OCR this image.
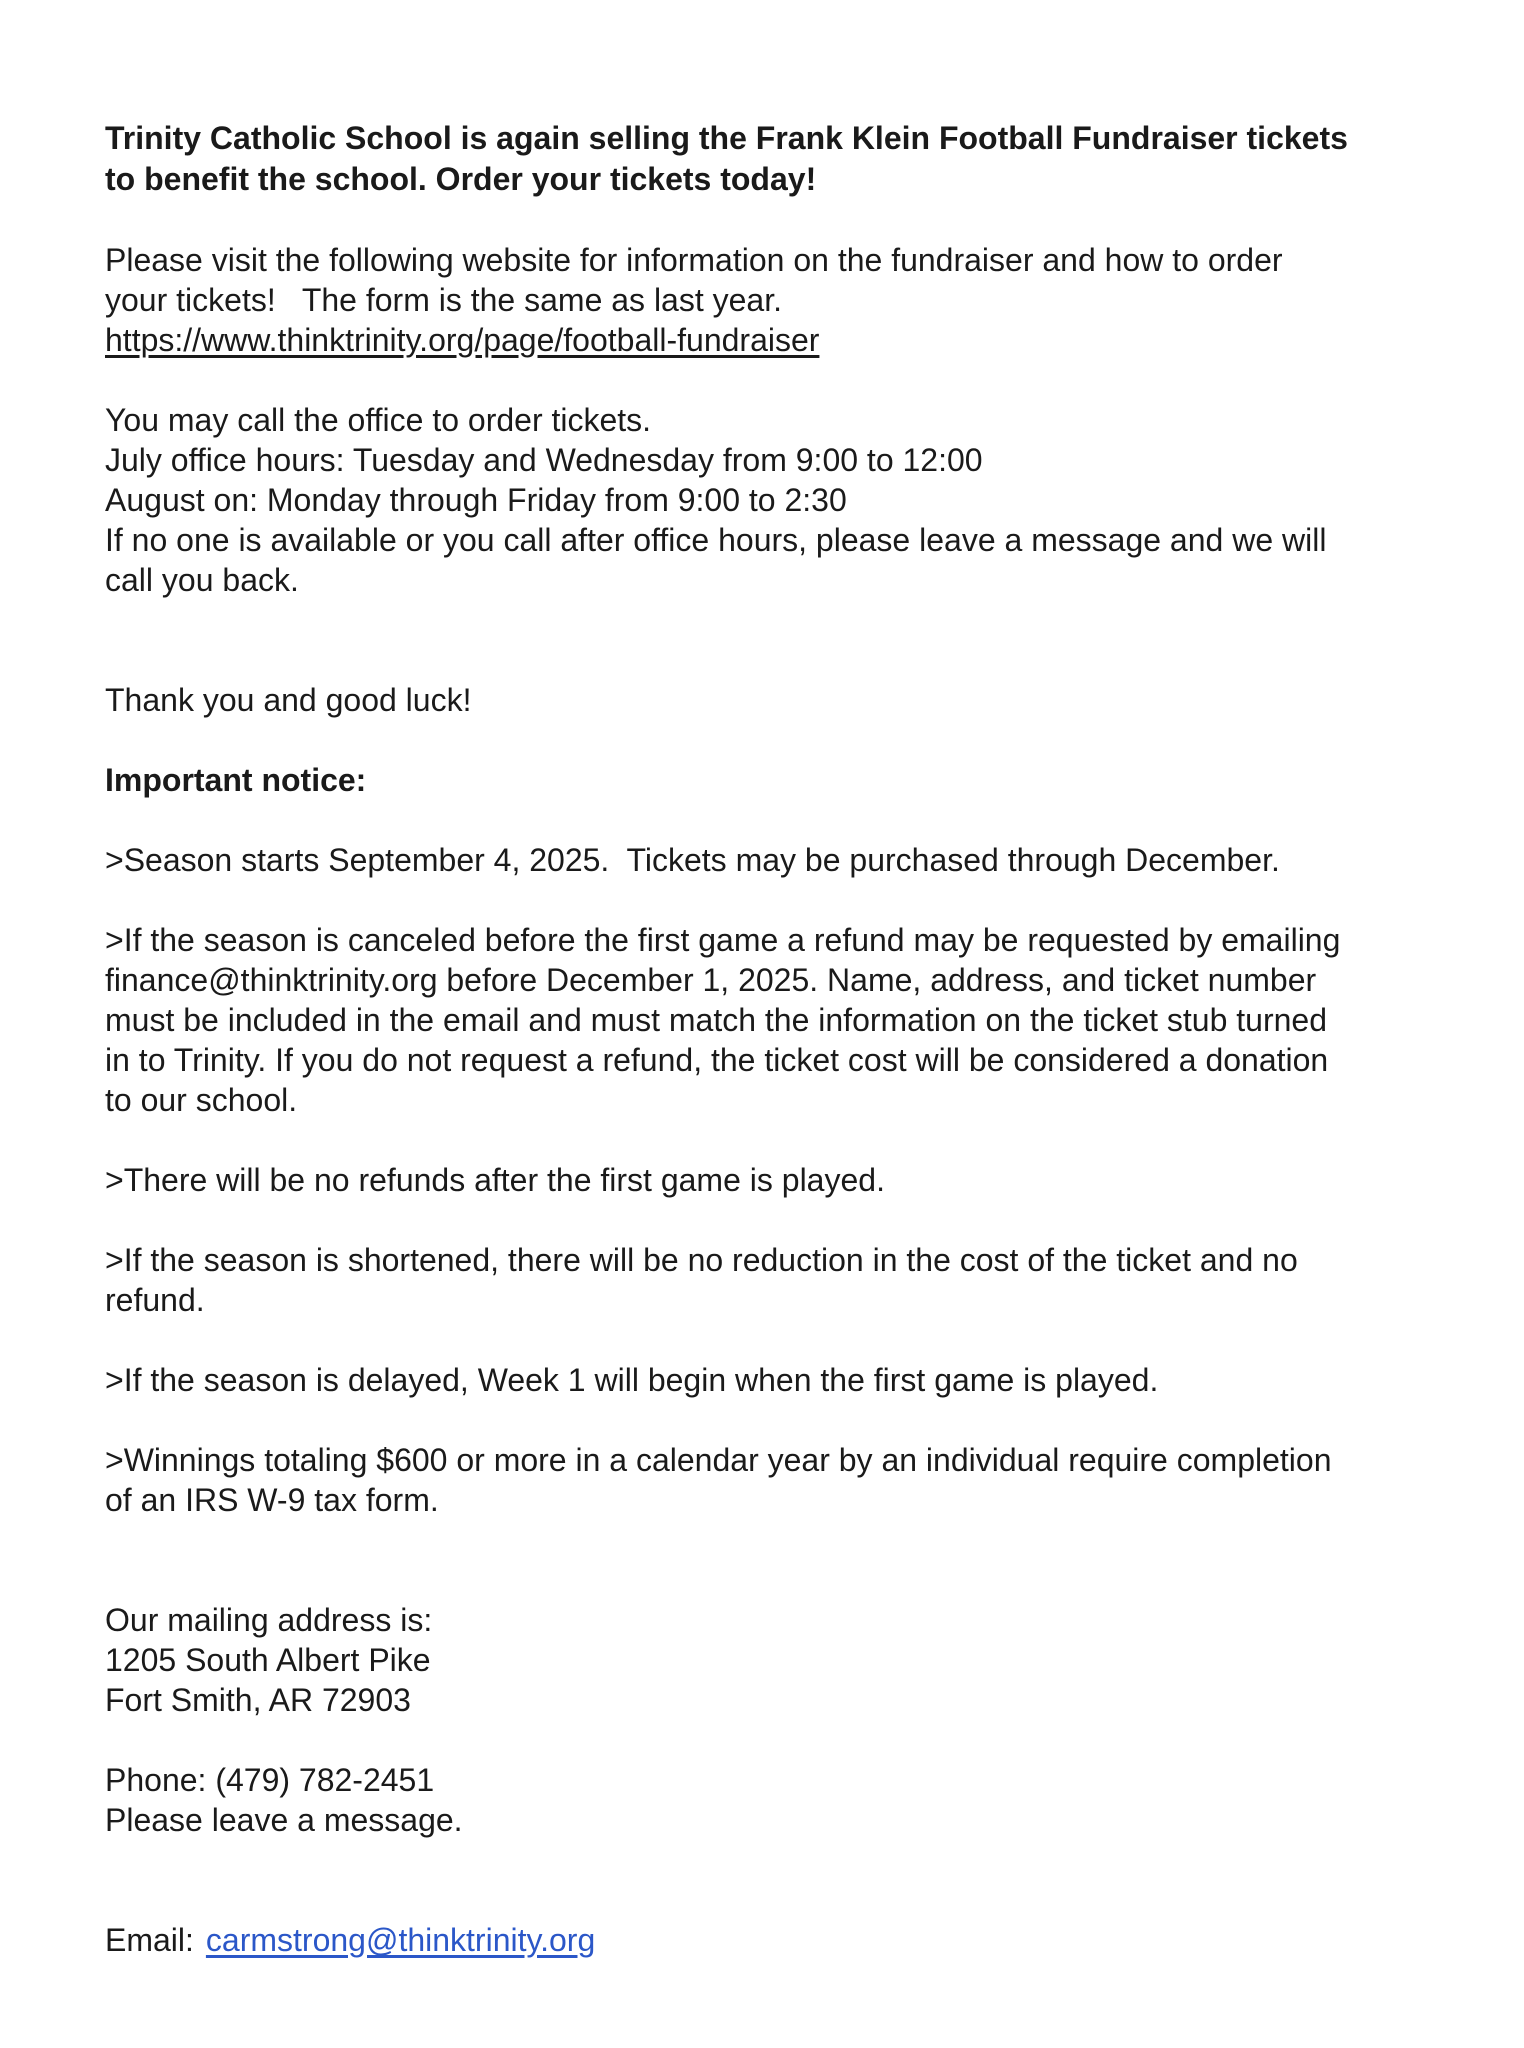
Trinity Catholic School is again selling the Frank Klein Football Fundraiser tickets

to benefit the school. Order your tickets today!

Please visit the following website for information on the fundraiser and how to order

your tickets!   The form is the same as last year.

https://www.thinktrinity.org/page/football-fundraiser

You may call the office to order tickets.

July office hours: Tuesday and Wednesday from 9:00 to 12:00

August on: Monday through Friday from 9:00 to 2:30

If no one is available or you call after office hours, please leave a message and we will

call you back.

Thank you and good luck!

Important notice:

>Season starts September 4, 2025.  Tickets may be purchased through December.

>If the season is canceled before the first game a refund may be requested by emailing

finance@thinktrinity.org before December 1, 2025. Name, address, and ticket number

must be included in the email and must match the information on the ticket stub turned

in to Trinity. If you do not request a refund, the ticket cost will be considered a donation

to our school.

>There will be no refunds after the first game is played.

>If the season is shortened, there will be no reduction in the cost of the ticket and no

refund.

>If the season is delayed, Week 1 will begin when the first game is played.

>Winnings totaling $600 or more in a calendar year by an individual require completion

of an IRS W-9 tax form.

Our mailing address is:

1205 South Albert Pike

Fort Smith, AR 72903

Phone: (479) 782-2451

Please leave a message.

Email: carmstrong@thinktrinity.org
